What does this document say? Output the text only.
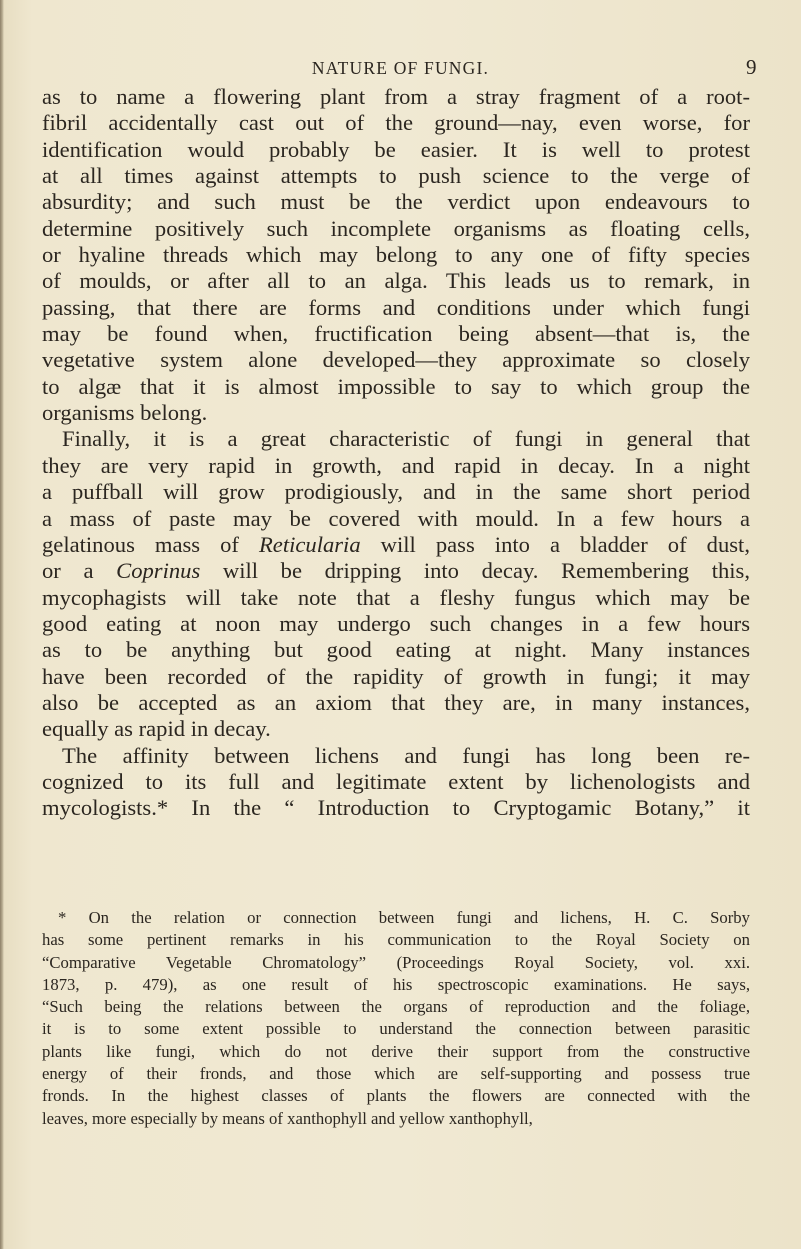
NATURE OF FUNGI.	9
as to name a flowering plant from a stray fragment of a root-
fibril accidentally cast out of the ground—nay, even worse, for
identification would probably be easier. It is well to protest
at all times against attempts to push science to the verge of
absurdity; and such must be the verdict upon endeavours to
determine positively such incomplete organisms as floating cells,
or hyaline threads which may belong to any one of fifty species
of moulds, or after all to an alga. This leads us to remark, in
passing, that there are forms and conditions under which fungi
may be found when, fructification being absent—that is, the
vegetative system alone developed—they approximate so closely
to algæ that it is almost impossible to say to which group the
organisms belong.
Finally, it is a great characteristic of fungi in general that
they are very rapid in growth, and rapid in decay. In a night
a puffball will grow prodigiously, and in the same short period
a mass of paste may be covered with mould. In a few hours a
gelatinous mass of Reticularia will pass into a bladder of dust,
or a Coprinus will be dripping into decay. Remembering this,
mycophagists will take note that a fleshy fungus which may be
good eating at noon may undergo such changes in a few hours
as to be anything but good eating at night. Many instances
have been recorded of the rapidity of growth in fungi; it may
also be accepted as an axiom that they are, in many instances,
equally as rapid in decay.
The affinity between lichens and fungi has long been re-
cognized to its full and legitimate extent by lichenologists and
mycologists.* In the “ Introduction to Cryptogamic Botany,” it
* On the relation or connection between fungi and lichens, H. C. Sorby
has some pertinent remarks in his communication to the Royal Society on
“Comparative Vegetable Chromatology” (Proceedings Royal Society, vol. xxi.
1873, p. 479), as one result of his spectroscopic examinations. He says,
“Such being the relations between the organs of reproduction and the foliage,
it is to some extent possible to understand the connection between parasitic
plants like fungi, which do not derive their support from the constructive
energy of their fronds, and those which are self-supporting and possess true
fronds. In the highest classes of plants the flowers are connected with the
leaves, more especially by means of xanthophyll and yellow xanthophyll,
